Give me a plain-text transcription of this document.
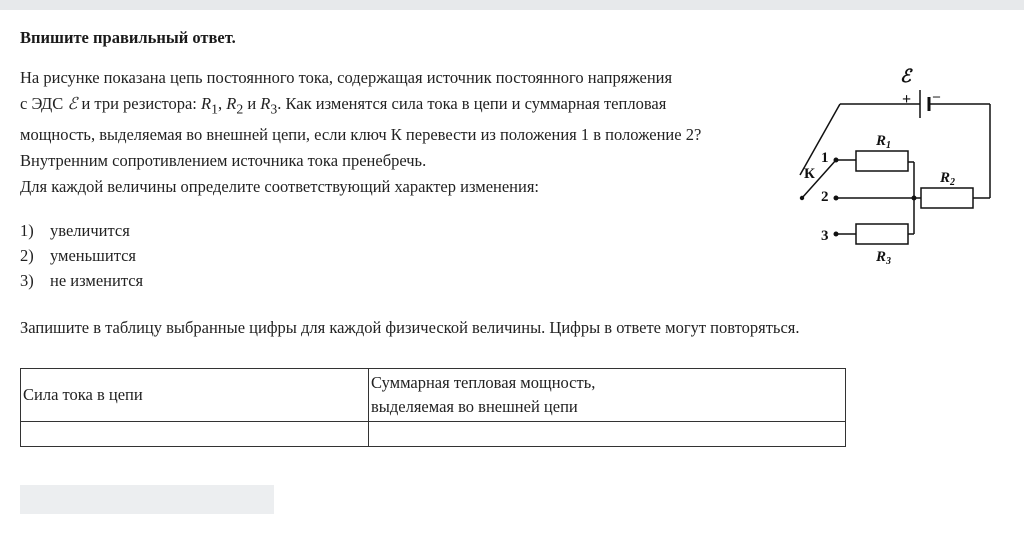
Впишите правильный ответ.
На рисунке показана цепь постоянного тока, содержащая источник постоянного напряжения
с ЭДС ℰ и три резистора: $R_1$, $R_2$ и $R_3$. Как изменятся сила тока в цепи и суммарная тепловая
мощность, выделяемая во внешней цепи, если ключ К перевести из положения 1 в положение 2?
Внутренним сопротивлением источника тока пренебречь.
Для каждой величины определите соответствующий характер изменения:
1) увеличится
2) уменьшится
3) не изменится
Запишите в таблицу выбранные цифры для каждой физической величины. Цифры в ответе могут повторяться.
Сила тока в цепи	Суммарная тепловая мощность,
выделяемая во внешней цепи

ℰ
+ –
К
1
2
3
$R_1$
$R_2$
$R_3$
